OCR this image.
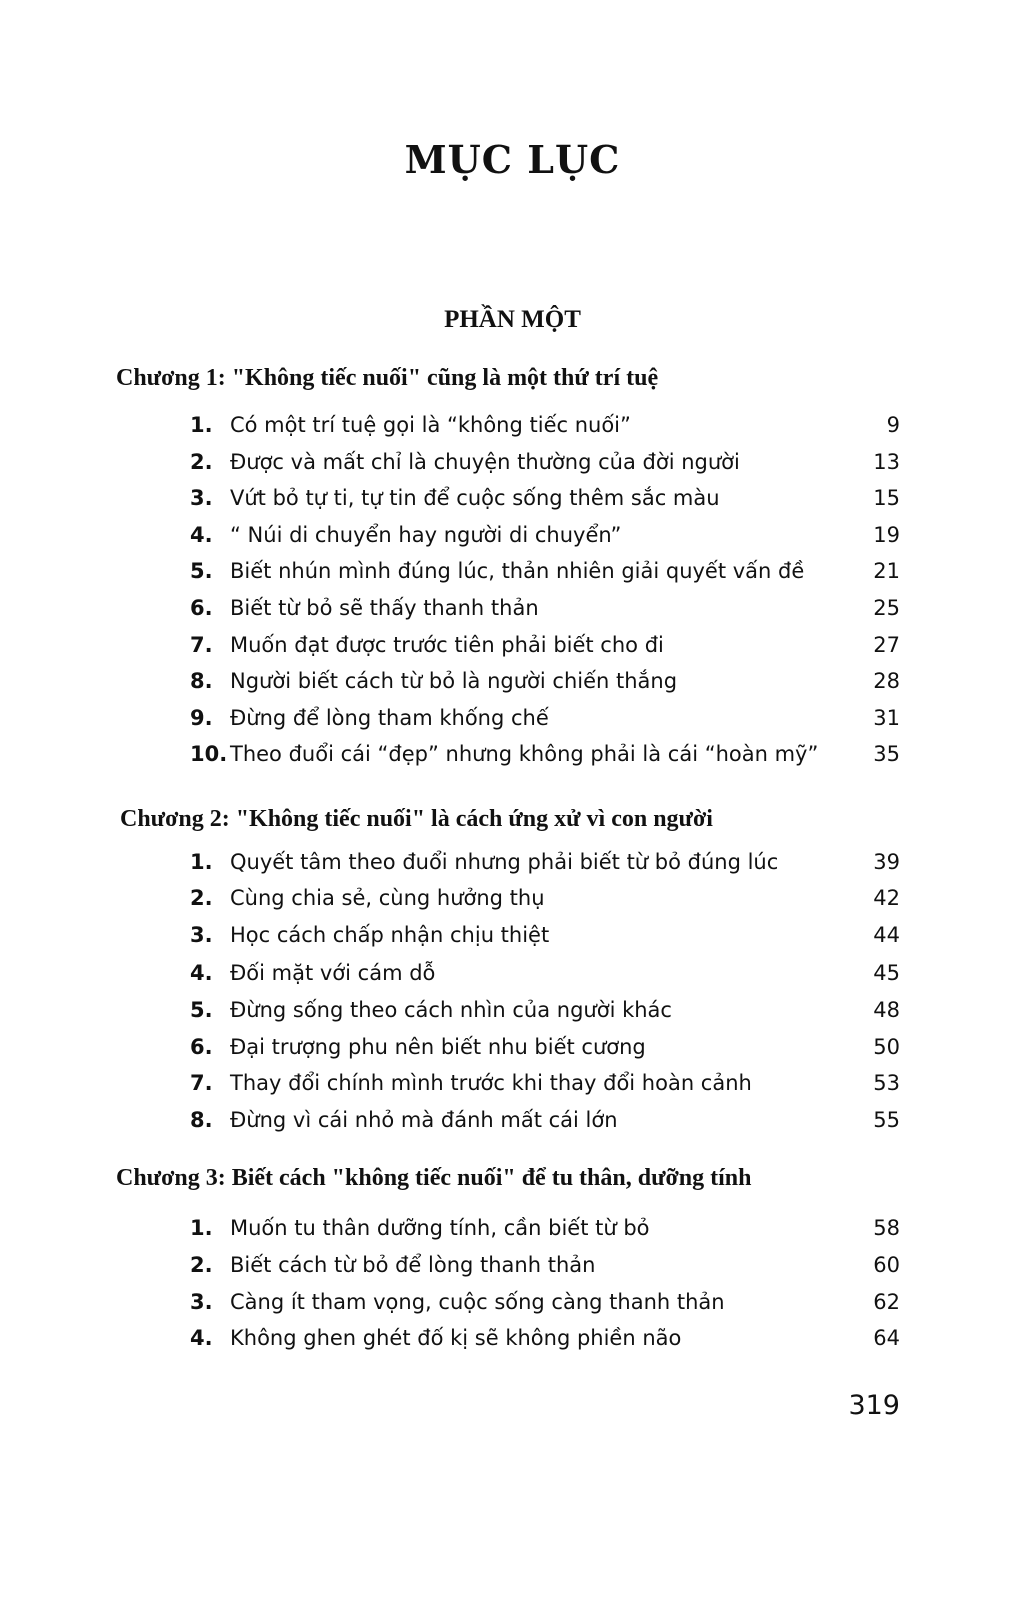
MỤC LỤC
PHẦN MỘT
Chương 1: "Không tiếc nuối" cũng là một thứ trí tuệ
1. Có một trí tuệ gọi là “không tiếc nuối”	9
2. Được và mất chỉ là chuyện thường của đời người	13
3. Vứt bỏ tự ti, tự tin để cuộc sống thêm sắc màu	15
4. “ Núi di chuyển hay người di chuyển”	19
5. Biết nhún mình đúng lúc, thản nhiên giải quyết vấn đề	21
6. Biết từ bỏ sẽ thấy thanh thản	25
7. Muốn đạt được trước tiên phải biết cho đi	27
8. Người biết cách từ bỏ là người chiến thắng	28
9. Đừng để lòng tham khống chế	31
10. Theo đuổi cái “đẹp” nhưng không phải là cái “hoàn mỹ”	35
Chương 2: "Không tiếc nuối" là cách ứng xử vì con người
1. Quyết tâm theo đuổi nhưng phải biết từ bỏ đúng lúc	39
2. Cùng chia sẻ, cùng hưởng thụ	42
3. Học cách chấp nhận chịu thiệt	44
4. Đối mặt với cám dỗ	45
5. Đừng sống theo cách nhìn của người khác	48
6. Đại trượng phu nên biết nhu biết cương	50
7. Thay đổi chính mình trước khi thay đổi hoàn cảnh	53
8. Đừng vì cái nhỏ mà đánh mất cái lớn	55
Chương 3: Biết cách "không tiếc nuối" để tu thân, dưỡng tính
1. Muốn tu thân dưỡng tính, cần biết từ bỏ	58
2. Biết cách từ bỏ để lòng thanh thản	60
3. Càng ít tham vọng, cuộc sống càng thanh thản	62
4. Không ghen ghét đố kị sẽ không phiền não	64
319
